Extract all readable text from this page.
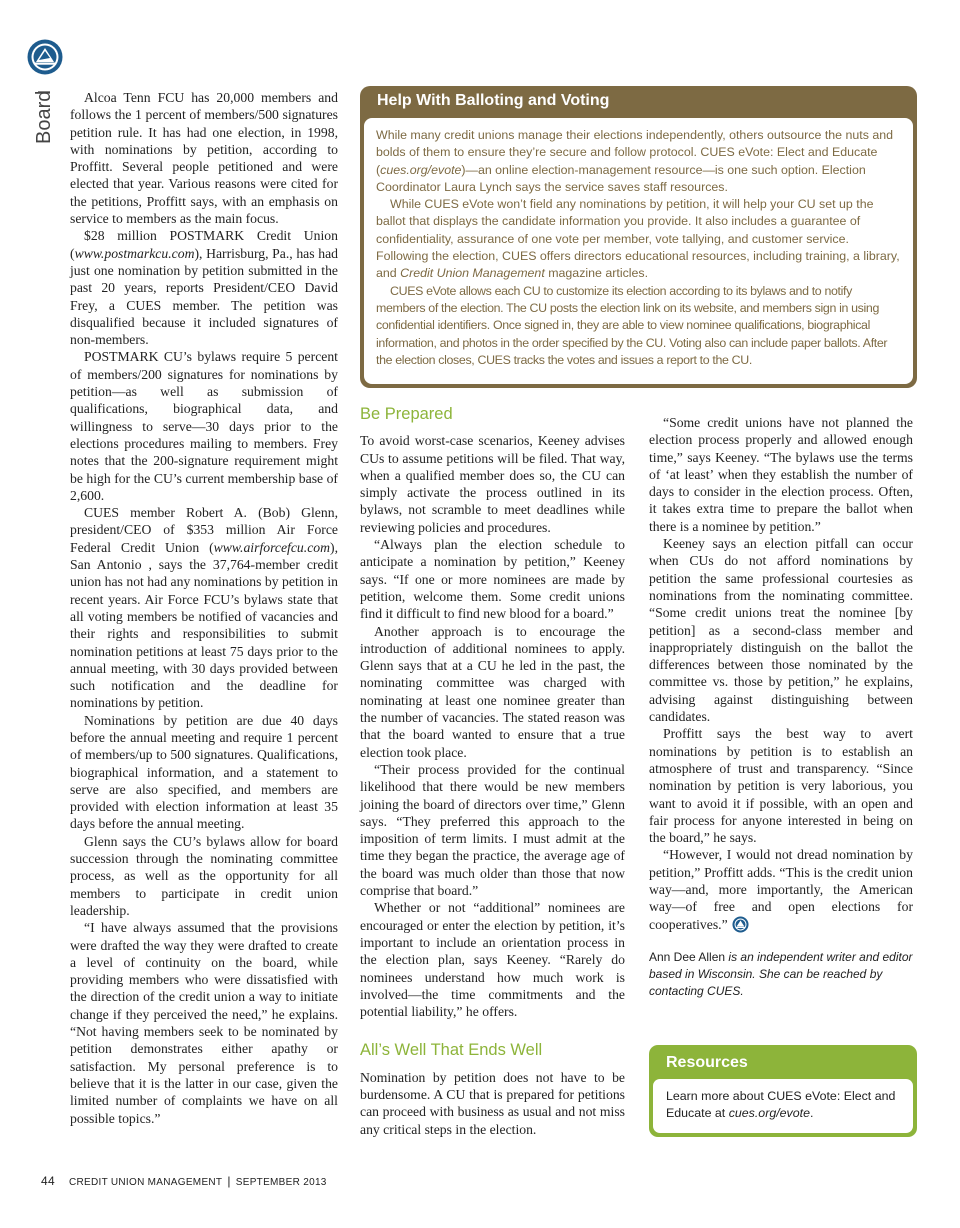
Board	Alcoa Tenn FCU has 20,000 members and follows the 1 percent of members/500 signatures petition rule. It has had one election, in 1998, with nominations by petition, according to Proffitt. Several people petitioned and were elected that year. Various reasons were cited for the petitions, Proffitt says, with an emphasis on service to members as the main focus.

$28 million POSTMARK Credit Union (www.postmarkcu.com), Harrisburg, Pa., has had just one nomination by petition submitted in the past 20 years, reports President/CEO David Frey, a CUES member. The petition was disqualified because it included signatures of non-members.

POSTMARK CU’s bylaws require 5 percent of members/200 signatures for nominations by petition—as well as submission of qualifications, biographical data, and willingness to serve—30 days prior to the elections procedures mailing to members. Frey notes that the 200-signature requirement might be high for the CU’s current membership base of 2,600.

CUES member Robert A. (Bob) Glenn, president/CEO of $353 million Air Force Federal Credit Union (www.airforcefcu.com), San Antonio , says the 37,764-member credit union has not had any nominations by petition in recent years. Air Force FCU’s bylaws state that all voting members be notified of vacancies and their rights and responsibilities to submit nomination petitions at least 75 days prior to the annual meeting, with 30 days provided between such notification and the deadline for nominations by petition.

Nominations by petition are due 40 days before the annual meeting and require 1 percent of members/up to 500 signatures. Qualifications, biographical information, and a statement to serve are also specified, and members are provided with election information at least 35 days before the annual meeting.

Glenn says the CU’s bylaws allow for board succession through the nominating committee process, as well as the opportunity for all members to participate in credit union leadership.

“I have always assumed that the provisions were drafted the way they were drafted to create a level of continuity on the board, while providing members who were dissatisfied with the direction of the credit union a way to initiate change if they perceived the need,” he explains. “Not having members seek to be nominated by petition demonstrates either apathy or satisfaction. My personal preference is to believe that it is the latter in our case, given the limited number of complaints we have on all possible topics.”

Help With Balloting and Voting

While many credit unions manage their elections independently, others outsource the nuts and bolds of them to ensure they’re secure and follow protocol. CUES eVote: Elect and Educate (cues.org/evote)—an online election-management resource—is one such option. Election Coordinator Laura Lynch says the service saves staff resources.

While CUES eVote won’t field any nominations by petition, it will help your CU set up the ballot that displays the candidate information you provide. It also includes a guarantee of confidentiality, assurance of one vote per member, vote tallying, and customer service. Following the election, CUES offers directors educational resources, including training, a library, and Credit Union Management magazine articles.

CUES eVote allows each CU to customize its election according to its bylaws and to notify members of the election. The CU posts the election link on its website, and members sign in using confidential identifiers. Once signed in, they are able to view nominee qualifications, biographical information, and photos in the order specified by the CU. Voting also can include paper ballots. After the election closes, CUES tracks the votes and issues a report to the CU.

Be Prepared

To avoid worst-case scenarios, Keeney advises CUs to assume petitions will be filed. That way, when a qualified member does so, the CU can simply activate the process outlined in its bylaws, not scramble to meet deadlines while reviewing policies and procedures.

“Always plan the election schedule to anticipate a nomination by petition,” Keeney says. “If one or more nominees are made by petition, welcome them. Some credit unions find it difficult to find new blood for a board.”

Another approach is to encourage the introduction of additional nominees to apply. Glenn says that at a CU he led in the past, the nominating committee was charged with nominating at least one nominee greater than the number of vacancies. The stated reason was that the board wanted to ensure that a true election took place.

“Their process provided for the continual likelihood that there would be new members joining the board of directors over time,” Glenn says. “They preferred this approach to the imposition of term limits. I must admit at the time they began the practice, the average age of the board was much older than those that now comprise that board.”

Whether or not “additional” nominees are encouraged or enter the election by petition, it’s important to include an orientation process in the election plan, says Keeney. “Rarely do nominees understand how much work is involved—the time commitments and the potential liability,” he offers.

All’s Well That Ends Well

Nomination by petition does not have to be burdensome. A CU that is prepared for petitions can proceed with business as usual and not miss any critical steps in the election.

“Some credit unions have not planned the election process properly and allowed enough time,” says Keeney. “The bylaws use the terms of ‘at least’ when they establish the number of days to consider in the election process. Often, it takes extra time to prepare the ballot when there is a nominee by petition.”

Keeney says an election pitfall can occur when CUs do not afford nominations by petition the same professional courtesies as nominations from the nominating committee. “Some credit unions treat the nominee [by petition] as a second-class member and inappropriately distinguish on the ballot the differences between those nominated by the committee vs. those by petition,” he explains, advising against distinguishing between candidates.

Proffitt says the best way to avert nominations by petition is to establish an atmosphere of trust and transparency. “Since nomination by petition is very laborious, you want to avoid it if possible, with an open and fair process for anyone interested in being on the board,” he says.

“However, I would not dread nomination by petition,” Proffitt adds. “This is the credit union way—and, more importantly, the American way—of free and open elections for cooperatives.”

Ann Dee Allen is an independent writer and editor based in Wisconsin. She can be reached by contacting CUES.

Resources
Learn more about CUES eVote: Elect and Educate at cues.org/evote.
44 CREDIT UNION MANAGEMENT | SEPTEMBER 2013
